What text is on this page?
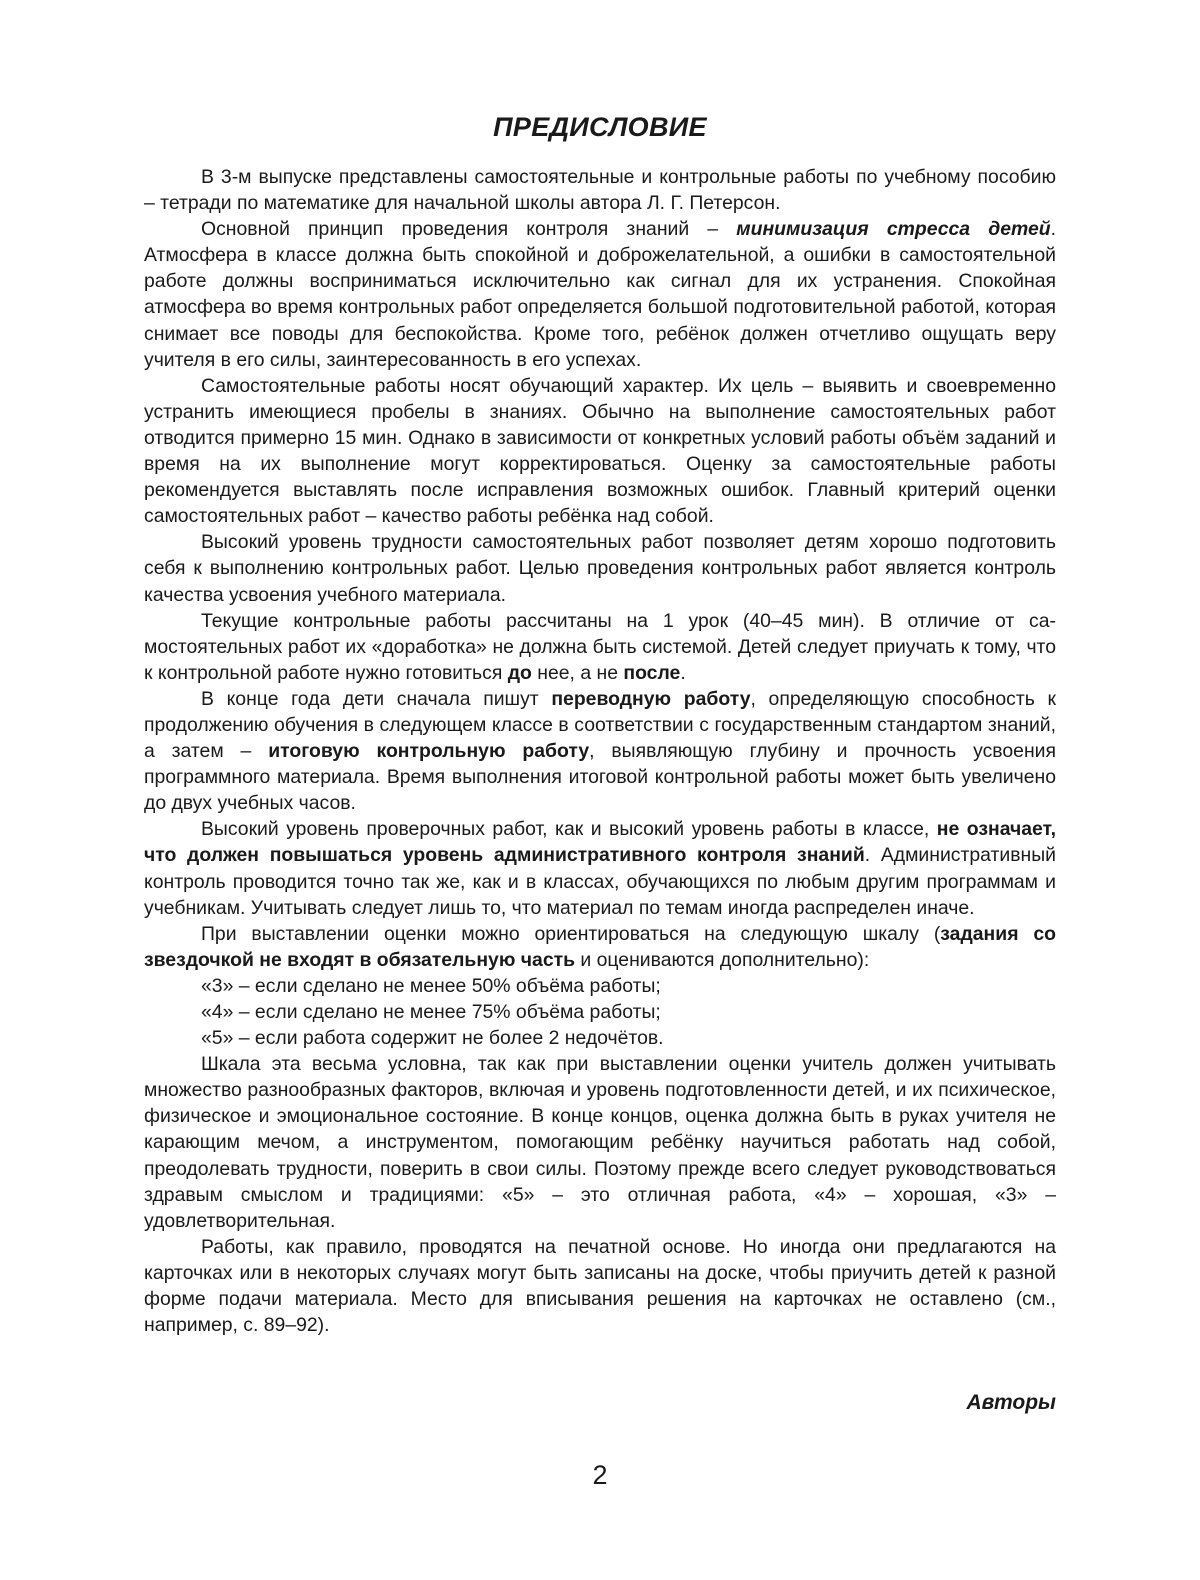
ПРЕДИСЛОВИЕ

В 3-м выпуске представлены самостоятельные и контрольные работы по учебному пособию – тетради по математике для начальной школы автора Л. Г. Петерсон.

Основной принцип проведения контроля знаний – минимизация стресса детей. Атмосфера в классе должна быть спокойной и доброжелательной, а ошибки в самостоятельной работе должны восприниматься исключительно как сигнал для их устранения. Спокойная атмосфера во время контрольных работ определяется большой подготовительной работой, которая снимает все поводы для беспокойства. Кроме того, ребёнок должен отчетливо ощущать веру учителя в его силы, заинтересованность в его успехах.

Самостоятельные работы носят обучающий характер. Их цель – выявить и своевременно устранить имеющиеся пробелы в знаниях. Обычно на выполнение самостоятельных работ отводится примерно 15 мин. Однако в зависимости от конкретных условий работы объём заданий и время на их выполнение могут корректироваться. Оценку за самостоятельные работы рекомендуется выставлять после исправления возможных ошибок. Главный критерий оценки самостоятельных работ – качество работы ребёнка над собой.

Высокий уровень трудности самостоятельных работ позволяет детям хорошо подготовить себя к выполнению контрольных работ. Целью проведения контрольных работ является контроль качества усвоения учебного материала.

Текущие контрольные работы рассчитаны на 1 урок (40–45 мин). В отличие от самостоятельных работ их «доработка» не должна быть системой. Детей следует приучать к тому, что к контрольной работе нужно готовиться до нее, а не после.

В конце года дети сначала пишут переводную работу, определяющую способность к продолжению обучения в следующем классе в соответствии с государственным стандартом знаний, а затем – итоговую контрольную работу, выявляющую глубину и прочность усвоения программного материала. Время выполнения итоговой контрольной работы может быть увеличено до двух учебных часов.

Высокий уровень проверочных работ, как и высокий уровень работы в классе, не означает, что должен повышаться уровень административного контроля знаний. Административный контроль проводится точно так же, как и в классах, обучающихся по любым другим программам и учебникам. Учитывать следует лишь то, что материал по темам иногда распределен иначе.

При выставлении оценки можно ориентироваться на следующую шкалу (задания со звездочкой не входят в обязательную часть и оцениваются дополнительно):

«3» – если сделано не менее 50% объёма работы;

«4» – если сделано не менее 75% объёма работы;

«5» – если работа содержит не более 2 недочётов.

Шкала эта весьма условна, так как при выставлении оценки учитель должен учитывать множество разнообразных факторов, включая и уровень подготовленности детей, и их психическое, физическое и эмоциональное состояние. В конце концов, оценка должна быть в руках учителя не карающим мечом, а инструментом, помогающим ребёнку научиться работать над собой, преодолевать трудности, поверить в свои силы. Поэтому прежде всего следует руководствоваться здравым смыслом и традициями: «5» – это отличная работа, «4» – хорошая, «3» – удовлетворительная.

Работы, как правило, проводятся на печатной основе. Но иногда они предлагаются на карточках или в некоторых случаях могут быть записаны на доске, чтобы приучить детей к разной форме подачи материала. Место для вписывания решения на карточках не оставлено (см., например, с. 89–92).

Авторы

2
